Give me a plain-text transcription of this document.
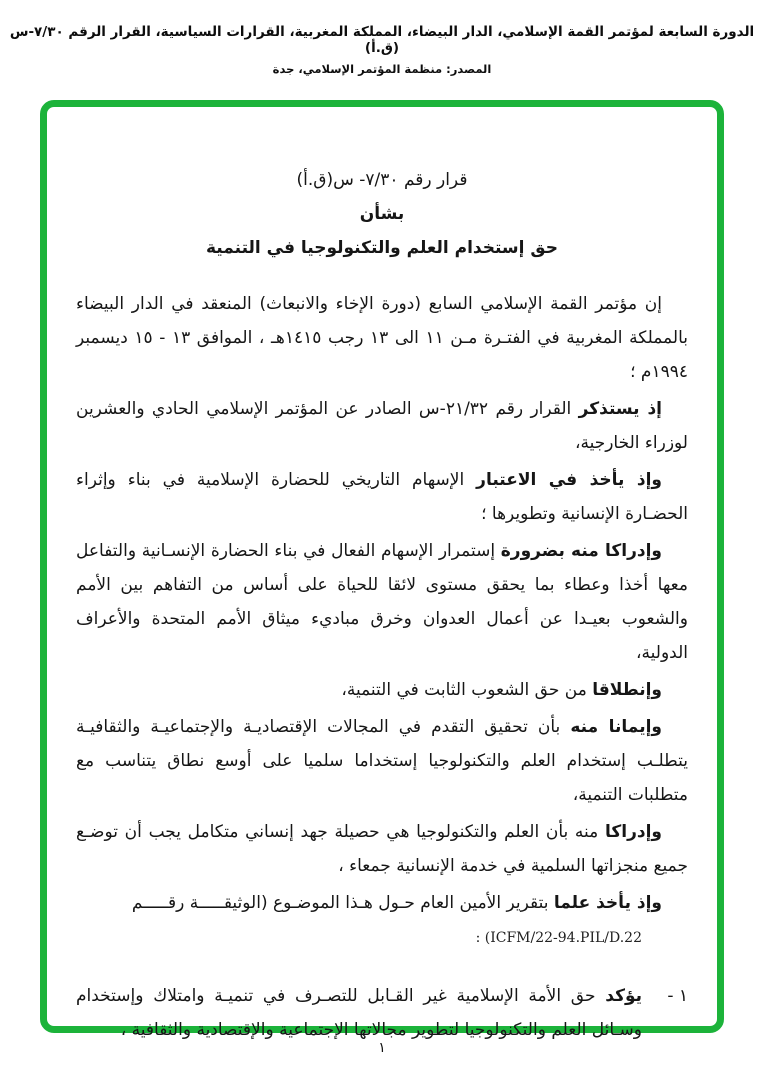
الدورة السابعة لمؤتمر القمة الإسلامي، الدار البيضاء، المملكة المغربية، القرارات السياسية، القرار الرقم ٧/٣٠-س (ق.أ)
المصدر: منظمة المؤتمر الإسلامي، جدة
قرار رقم ٧/٣٠- س(ق.أ)
بشأن
حق إستخدام العلم والتكنولوجيا في التنمية

إن مؤتمر القمة الإسلامي السابع (دورة الإخاء والانبعاث) المنعقد في الدار البيضاء بالمملكة المغربية في الفتـرة مـن ١١ الى ١٣ رجب ١٤١٥هـ ، الموافق ١٣ - ١٥ ديسمبر ١٩٩٤م ؛

إذ يستذكر القرار رقم ٢١/٣٢-س الصادر عن المؤتمر الإسلامي الحادي والعشرين لوزراء الخارجية،

وإذ يأخذ في الاعتبار الإسهام التاريخي للحضارة الإسلامية في بناء وإثراء الحضـارة الإنسانية وتطويرها ؛

وإدراكا منه بضرورة إستمرار الإسهام الفعال في بناء الحضارة الإنسـانية والتفاعل معها أخذا وعطاء بما يحقق مستوى لائقا للحياة على أساس من التفاهم بين الأمم والشعوب بعيـدا عن أعمال العدوان وخرق مباديء ميثاق الأمم المتحدة والأعراف الدولية،

وإنطلاقا من حق الشعوب الثابت في التنمية،

وإيمانا منه بأن تحقيق التقدم في المجالات الإقتصاديـة والإجتماعيـة والثقافيـة يتطلـب إستخدام العلم والتكنولوجيا إستخداما سلميا على أوسع نطاق يتناسب مع متطلبات التنمية،

وإدراكا منه بأن العلم والتكنولوجيا هي حصيلة جهد إنساني متكامل يجب أن توضـع جميع منجزاتها السلمية في خدمة الإنسانية جمعاء ،

وإذ يأخذ علما بتقرير الأمين العام حـول هـذا الموضـوع (الوثيقـــــة رقـــــم

: (ICFM/22-94.PIL/D.22
١ -
يؤكد حق الأمة الإسلامية غير القـابل للتصـرف في تنميـة وامتلاك وإستخدام وسـائل العلم والتكنولوجيا لتطوير مجالاتها الإجتماعية والإقتصادية والثقافية ،
١
